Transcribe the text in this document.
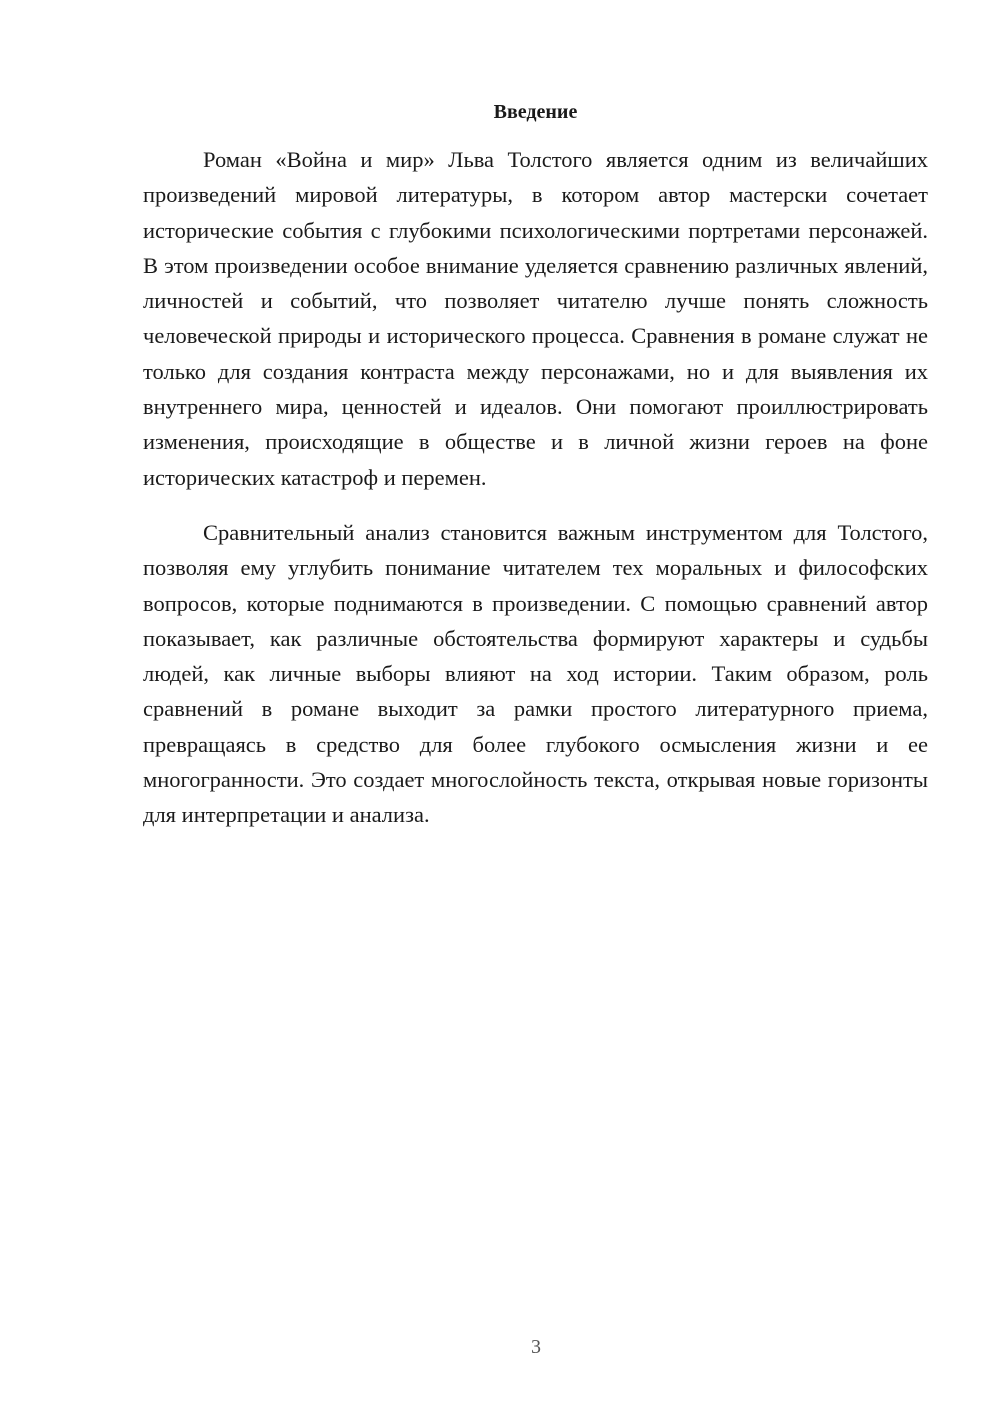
Введение

Роман «Война и мир» Льва Толстого является одним из величайших произведений мировой литературы, в котором автор мастерски сочетает исторические события с глубокими психологическими портретами персонажей. В этом произведении особое внимание уделяется сравнению различных явлений, личностей и событий, что позволяет читателю лучше понять сложность человеческой природы и исторического процесса. Сравнения в романе служат не только для создания контраста между персонажами, но и для выявления их внутреннего мира, ценностей и идеалов. Они помогают проиллюстрировать изменения, происходящие в обществе и в личной жизни героев на фоне исторических катастроф и перемен.

Сравнительный анализ становится важным инструментом для Толстого, позволяя ему углубить понимание читателем тех моральных и философских вопросов, которые поднимаются в произведении. С помощью сравнений автор показывает, как различные обстоятельства формируют характеры и судьбы людей, как личные выборы влияют на ход истории. Таким образом, роль сравнений в романе выходит за рамки простого литературного приема, превращаясь в средство для более глубокого осмысления жизни и ее многогранности. Это создает многослойность текста, открывая новые горизонты для интерпретации и анализа.

3
